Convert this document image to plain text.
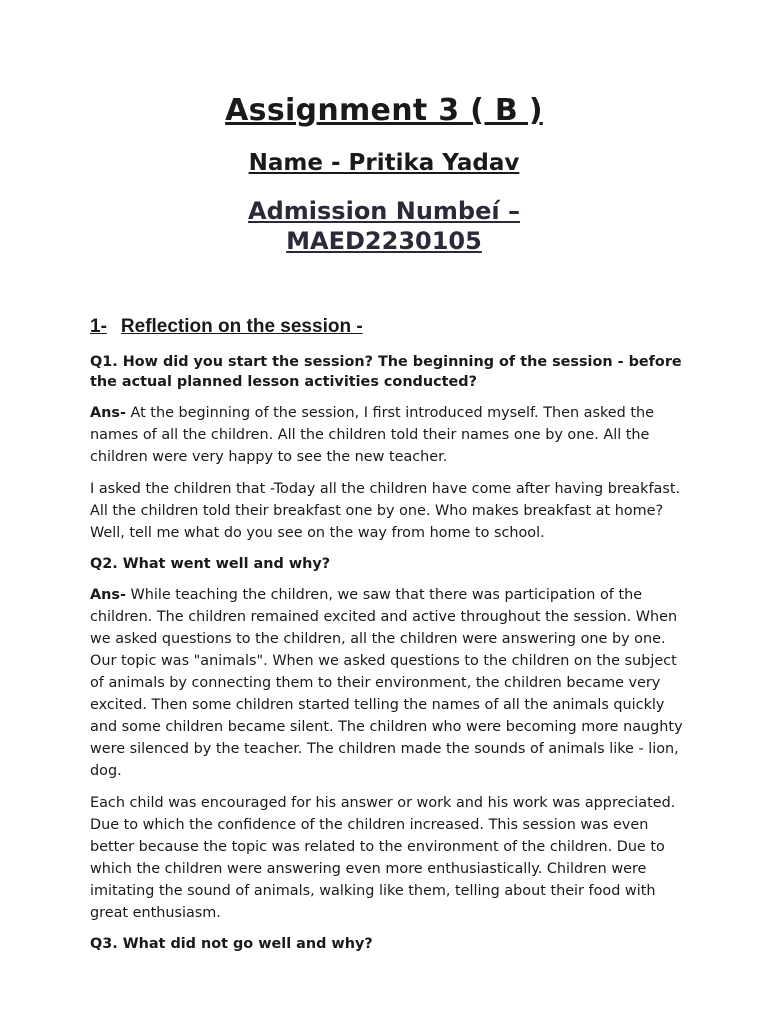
Assignment 3 ( B )
Name - Pritika Yadav
Admission Numbeí –
MAED2230105
1- Reflection on the session -

Q1. How did you start the session? The beginning of the session - before the actual planned lesson activities conducted?

Ans- At the beginning of the session, I first introduced myself. Then asked the names of all the children. All the children told their names one by one. All the children were very happy to see the new teacher.

I asked the children that -Today all the children have come after having breakfast. All the children told their breakfast one by one. Who makes breakfast at home? Well, tell me what do you see on the way from home to school.

Q2. What went well and why?

Ans- While teaching the children, we saw that there was participation of the children. The children remained excited and active throughout the session. When we asked questions to the children, all the children were answering one by one. Our topic was "animals". When we asked questions to the children on the subject of animals by connecting them to their environment, the children became very excited. Then some children started telling the names of all the animals quickly and some children became silent. The children who were becoming more naughty were silenced by the teacher. The children made the sounds of animals like - lion, dog.

Each child was encouraged for his answer or work and his work was appreciated. Due to which the confidence of the children increased. This session was even better because the topic was related to the environment of the children. Due to which the children were answering even more enthusiastically. Children were imitating the sound of animals, walking like them, telling about their food with great enthusiasm.

Q3. What did not go well and why?
